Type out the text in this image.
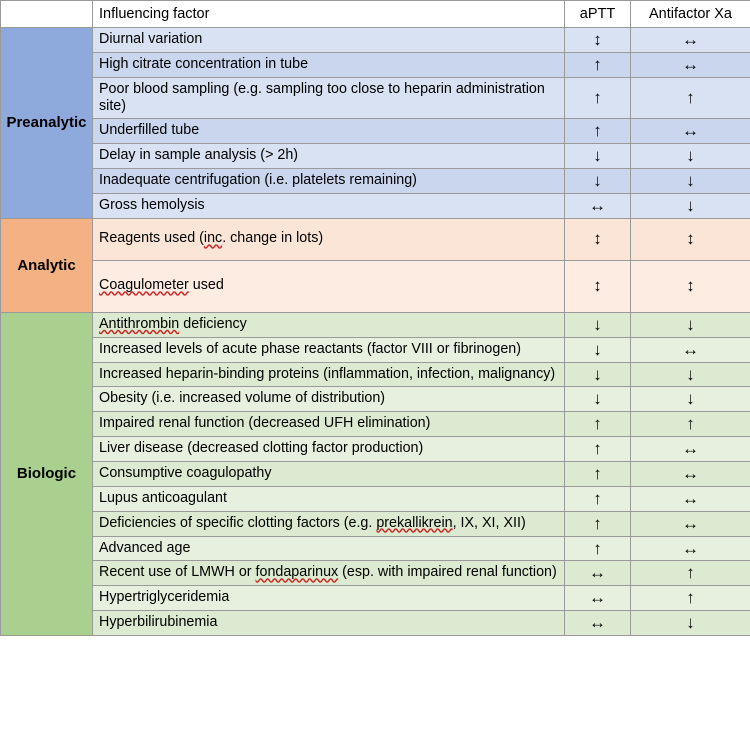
	Influencing factor	aPTT	Antifactor Xa
Preanalytic	Diurnal variation	↕	↔
	High citrate concentration in tube	↑	↔
	Poor blood sampling (e.g. sampling too close to heparin administration site)	↑	↑
	Underfilled tube	↑	↔
	Delay in sample analysis (> 2h)	↓	↓
	Inadequate centrifugation (i.e. platelets remaining)	↓	↓
	Gross hemolysis	↔	↓
Analytic	Reagents used (inc. change in lots)	↕	↕
	Coagulometer used	↕	↕
Biologic	Antithrombin deficiency	↓	↓
	Increased levels of acute phase reactants (factor VIII or fibrinogen)	↓	↔
	Increased heparin-binding proteins (inflammation, infection, malignancy)	↓	↓
	Obesity (i.e. increased volume of distribution)	↓	↓
	Impaired renal function (decreased UFH elimination)	↑	↑
	Liver disease (decreased clotting factor production)	↑	↔
	Consumptive coagulopathy	↑	↔
	Lupus anticoagulant	↑	↔
	Deficiencies of specific clotting factors (e.g. prekallikrein, IX, XI, XII)	↑	↔
	Advanced age	↑	↔
	Recent use of LMWH or fondaparinux (esp. with impaired renal function)	↔	↑
	Hypertriglyceridemia	↔	↑
	Hyperbilirubinemia	↔	↓
